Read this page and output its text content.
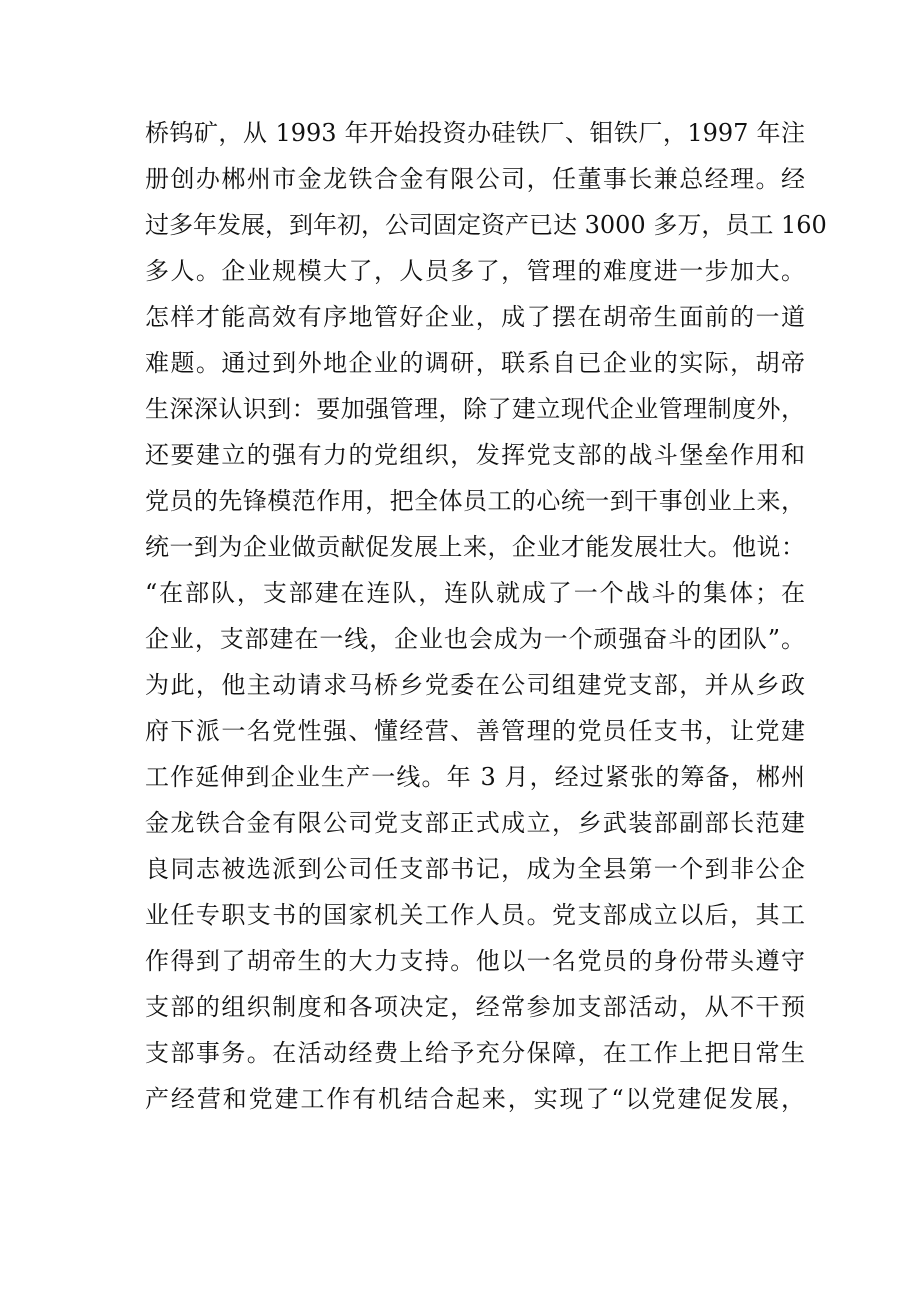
桥钨矿，从 1993 年开始投资办硅铁厂、钼铁厂，1997 年注
册创办郴州市金龙铁合金有限公司，任董事长兼总经理。经
过多年发展，到年初，公司固定资产已达 3000 多万，员工 160
多人。企业规模大了，人员多了，管理的难度进一步加大。
怎样才能高效有序地管好企业，成了摆在胡帝生面前的一道
难题。通过到外地企业的调研，联系自已企业的实际，胡帝
生深深认识到：要加强管理，除了建立现代企业管理制度外，
还要建立的强有力的党组织，发挥党支部的战斗堡垒作用和
党员的先锋模范作用，把全体员工的心统一到干事创业上来，
统一到为企业做贡献促发展上来，企业才能发展壮大。他说：
“在部队，支部建在连队，连队就成了一个战斗的集体；在
企业，支部建在一线，企业也会成为一个顽强奋斗的团队”。
为此，他主动请求马桥乡党委在公司组建党支部，并从乡政
府下派一名党性强、懂经营、善管理的党员任支书，让党建
工作延伸到企业生产一线。年 3 月，经过紧张的筹备，郴州
金龙铁合金有限公司党支部正式成立，乡武装部副部长范建
良同志被选派到公司任支部书记，成为全县第一个到非公企
业任专职支书的国家机关工作人员。党支部成立以后，其工
作得到了胡帝生的大力支持。他以一名党员的身份带头遵守
支部的组织制度和各项决定，经常参加支部活动，从不干预
支部事务。在活动经费上给予充分保障，在工作上把日常生
产经营和党建工作有机结合起来，实现了“以党建促发展，
